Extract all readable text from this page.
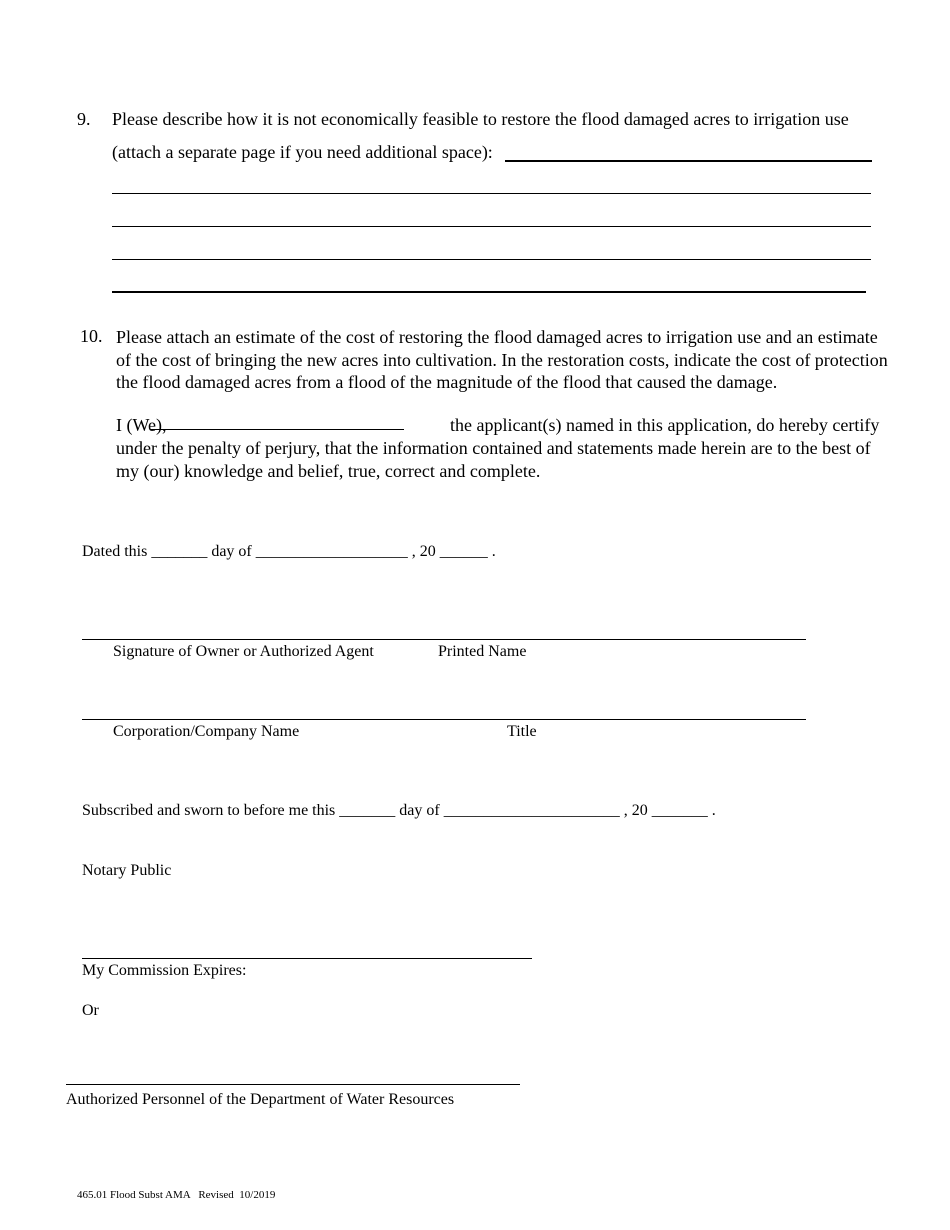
9. Please describe how it is not economically feasible to restore the flood damaged acres to irrigation use
(attach a separate page if you need additional space):
10. Please attach an estimate of the cost of restoring the flood damaged acres to irrigation use and an estimate
of the cost of bringing the new acres into cultivation. In the restoration costs, indicate the cost of protection
the flood damaged acres from a flood of the magnitude of the flood that caused the damage.
I (We),	the applicant(s) named in this application, do hereby certify
under the penalty of perjury, that the information contained and statements made herein are to the best of
my (our) knowledge and belief, true, correct and complete.
Dated this _______ day of ___________________ , 20 ______ .
Signature of Owner or Authorized Agent	Printed Name
Corporation/Company Name	Title
Subscribed and sworn to before me this _______ day of ______________________ , 20 _______ .
Notary Public
My Commission Expires:
Or
Authorized Personnel of the Department of Water Resources
465.01 Flood Subst AMA   Revised  10/2019
